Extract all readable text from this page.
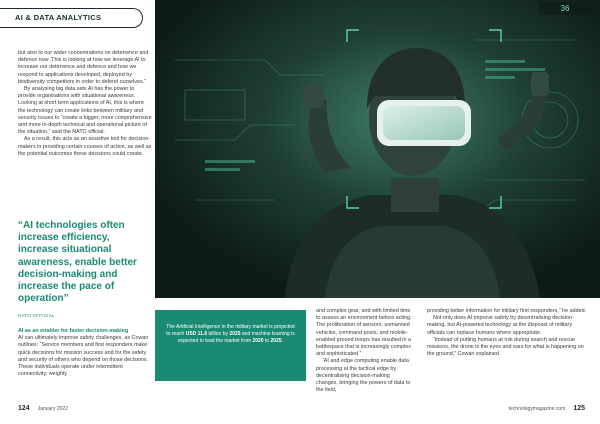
AI & DATA ANALYTICS

but also to our wider concentrations on deterrence and defence now. This is looking at how we leverage AI to increase our deterrence and defence and how we respond to applications developed, deployed by biodiversity competitors in order to defend ourselves.”

By analysing big data sets AI has the power to provide organisations with situational awareness. Looking at short term applications of AI, this is where the technology can create links between military and security issues to “create a bigger, more comprehensive and more in-depth technical and operational picture of the situation,” said the NATO official.

As a result, this acts as an assistive tool for decision-makers in providing certain courses of action, as well as the potential outcomes these decisions could create.

“AI technologies often increase efficiency, increase situational awareness, enable better decision-making and increase the pace of operation”
NATO OFFICIAL
AI as an enabler for faster decision-making
AI can ultimately improve safety challenges, as Cowan outlines: “Service members and first responders make quick decisions for mission success and for the safety and security of others who depend on those decisions. These individuals operate under intermittent connectivity, weighty
36
The Artificial Intelligence in the military market is projected to reach USD 11.6 billion by 2025 and machine learning is expected to lead the market from 2020 to 2025.

and complex gear, and with limited time to assess an environment before acting. The proliferation of sensors, unmanned vehicles, command posts, and mobile-enabled ground troops has resulted in a battlespace that is increasingly complex and sophisticated.”

“AI and edge computing enable data processing at the tactical edge by decentralising decision-making changes, bringing the powers of data to the field,

providing better information for military first responders,” he added.

Not only does AI improve safety by decentralising decision-making, but AI-powered technology at the disposal of military officials can replace humans where appropriate.

“Instead of putting humans at risk during search and rescue missions, the drone is the eyes and ears for what is happening on the ground,” Cowan explained.

124 January 2022	technologymagazine.com 125
